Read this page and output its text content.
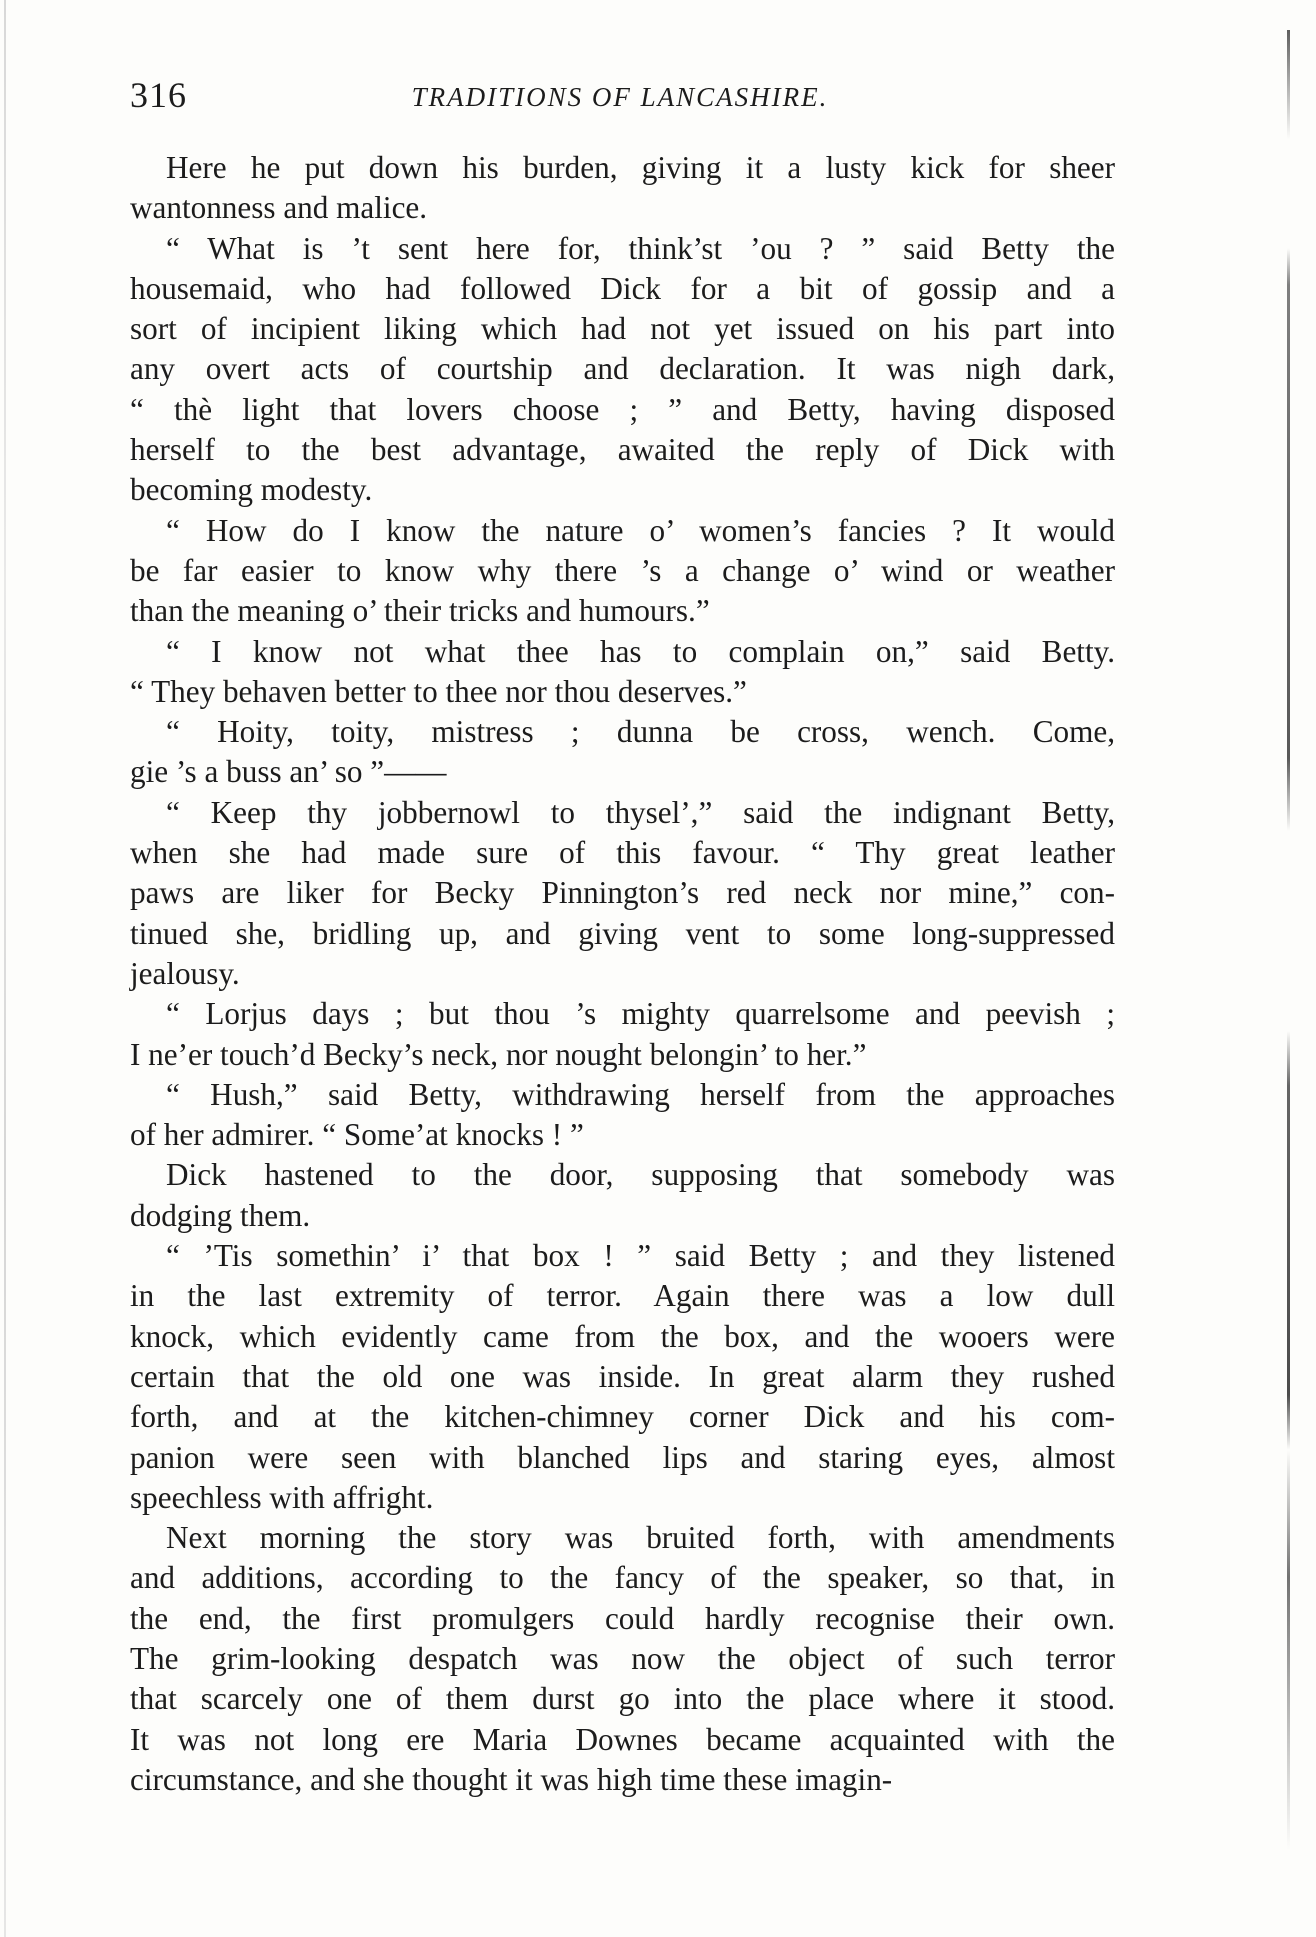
316	TRADITIONS OF LANCASHIRE.

Here he put down his burden, giving it a lusty kick for sheer
wantonness and malice.

“ What is ’t sent here for, think’st ’ou ? ” said Betty the
housemaid, who had followed Dick for a bit of gossip and a
sort of incipient liking which had not yet issued on his part into
any overt acts of courtship and declaration. It was nigh dark,
“ thè light that lovers choose ; ” and Betty, having disposed
herself to the best advantage, awaited the reply of Dick with
becoming modesty.

“ How do I know the nature o’ women’s fancies ? It would
be far easier to know why there ’s a change o’ wind or weather
than the meaning o’ their tricks and humours.”

“ I know not what thee has to complain on,” said Betty.
“ They behaven better to thee nor thou deserves.”

“ Hoity, toity, mistress ; dunna be cross, wench. Come,
gie ’s a buss an’ so ”——

“ Keep thy jobbernowl to thysel’,” said the indignant Betty,
when she had made sure of this favour. “ Thy great leather
paws are liker for Becky Pinnington’s red neck nor mine,” con-
tinued she, bridling up, and giving vent to some long-suppressed
jealousy.

“ Lorjus days ; but thou ’s mighty quarrelsome and peevish ;
I ne’er touch’d Becky’s neck, nor nought belongin’ to her.”

“ Hush,” said Betty, withdrawing herself from the approaches
of her admirer. “ Some’at knocks ! ”

Dick hastened to the door, supposing that somebody was
dodging them.

“ ’Tis somethin’ i’ that box ! ” said Betty ; and they listened
in the last extremity of terror. Again there was a low dull
knock, which evidently came from the box, and the wooers were
certain that the old one was inside. In great alarm they rushed
forth, and at the kitchen-chimney corner Dick and his com-
panion were seen with blanched lips and staring eyes, almost
speechless with affright.

Next morning the story was bruited forth, with amendments
and additions, according to the fancy of the speaker, so that, in
the end, the first promulgers could hardly recognise their own.
The grim-looking despatch was now the object of such terror
that scarcely one of them durst go into the place where it stood.
It was not long ere Maria Downes became acquainted with the
circumstance, and she thought it was high time these imagin-
